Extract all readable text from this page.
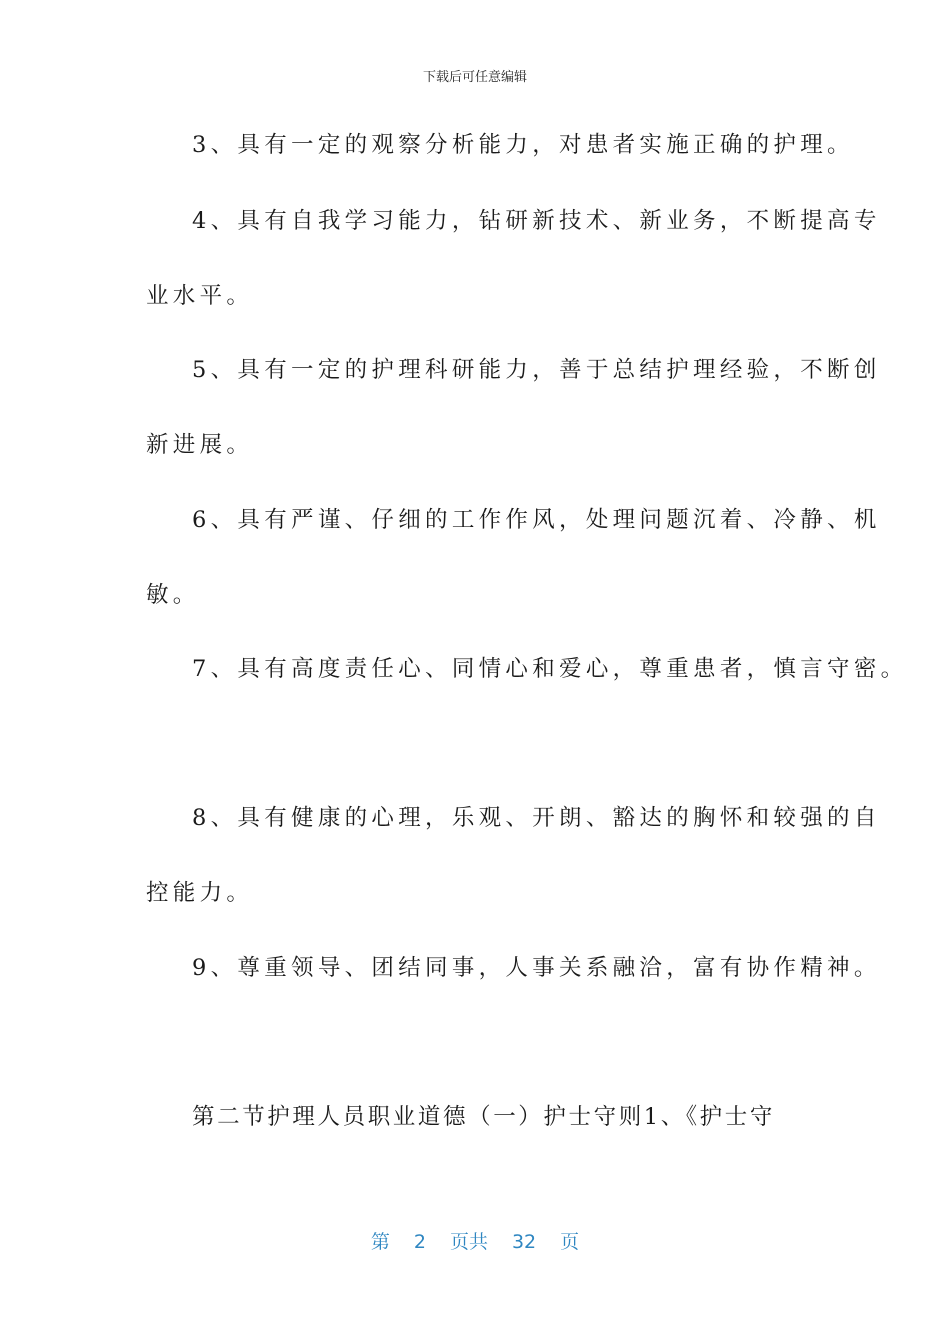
下载后可任意编辑
3、具有一定的观察分析能力，对患者实施正确的护理。
4、具有自我学习能力，钻研新技术、新业务，不断提高专
业水平。
5、具有一定的护理科研能力，善于总结护理经验，不断创
新进展。
6、具有严谨、仔细的工作作风，处理问题沉着、冷静、机
敏。
7、具有高度责任心、同情心和爱心，尊重患者，慎言守密。
8、具有健康的心理，乐观、开朗、豁达的胸怀和较强的自
控能力。
9、尊重领导、团结同事，人事关系融洽，富有协作精神。
第二节护理人员职业道德（一）护士守则1、《护士守
第 2 页共 32 页
